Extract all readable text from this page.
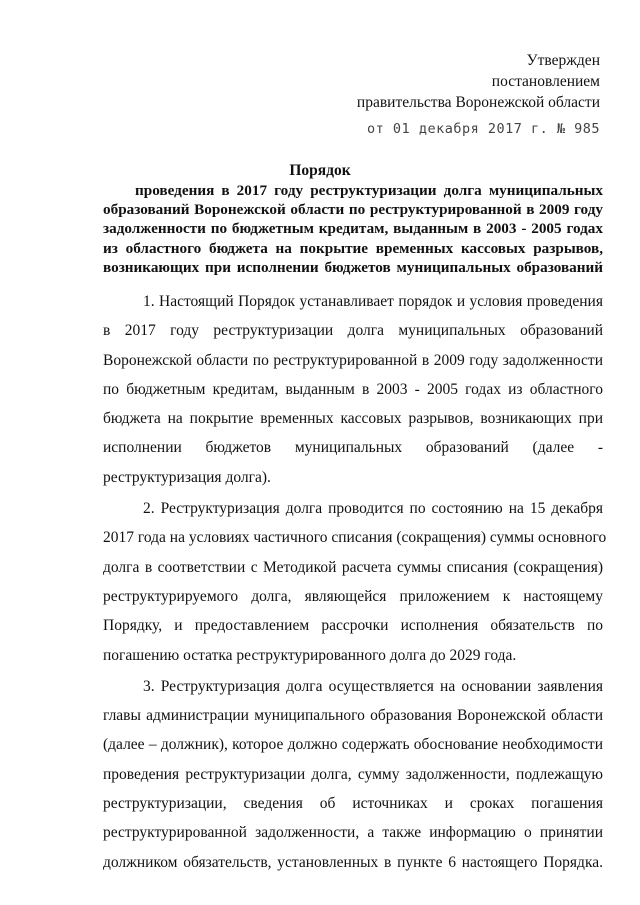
Утвержден
постановлением
правительства Воронежской области
от 01 декабря 2017 г. № 985
Порядок
проведения в 2017 году реструктуризации долга муниципальных
образований Воронежской области по реструктурированной в 2009 году
задолженности по бюджетным кредитам, выданным в 2003 - 2005 годах
из областного бюджета на покрытие временных кассовых разрывов,
возникающих при исполнении бюджетов муниципальных образований

1. Настоящий Порядок устанавливает порядок и условия проведения
в 2017 году реструктуризации долга муниципальных образований
Воронежской области по реструктурированной в 2009 году задолженности
по бюджетным кредитам, выданным в 2003 - 2005 годах из областного
бюджета на покрытие временных кассовых разрывов, возникающих при
исполнении бюджетов муниципальных образований (далее -
реструктуризация долга).

2. Реструктуризация долга проводится по состоянию на 15 декабря
2017 года на условиях частичного списания (сокращения) суммы основного
долга в соответствии с Методикой расчета суммы списания (сокращения)
реструктурируемого долга, являющейся приложением к настоящему
Порядку, и предоставлением рассрочки исполнения обязательств по
погашению остатка реструктурированного долга до 2029 года.

3. Реструктуризация долга осуществляется на основании заявления
главы администрации муниципального образования Воронежской области
(далее – должник), которое должно содержать обоснование необходимости
проведения реструктуризации долга, сумму задолженности, подлежащую
реструктуризации, сведения об источниках и сроках погашения
реструктурированной задолженности, а также информацию о принятии
должником обязательств, установленных в пункте 6 настоящего Порядка.
